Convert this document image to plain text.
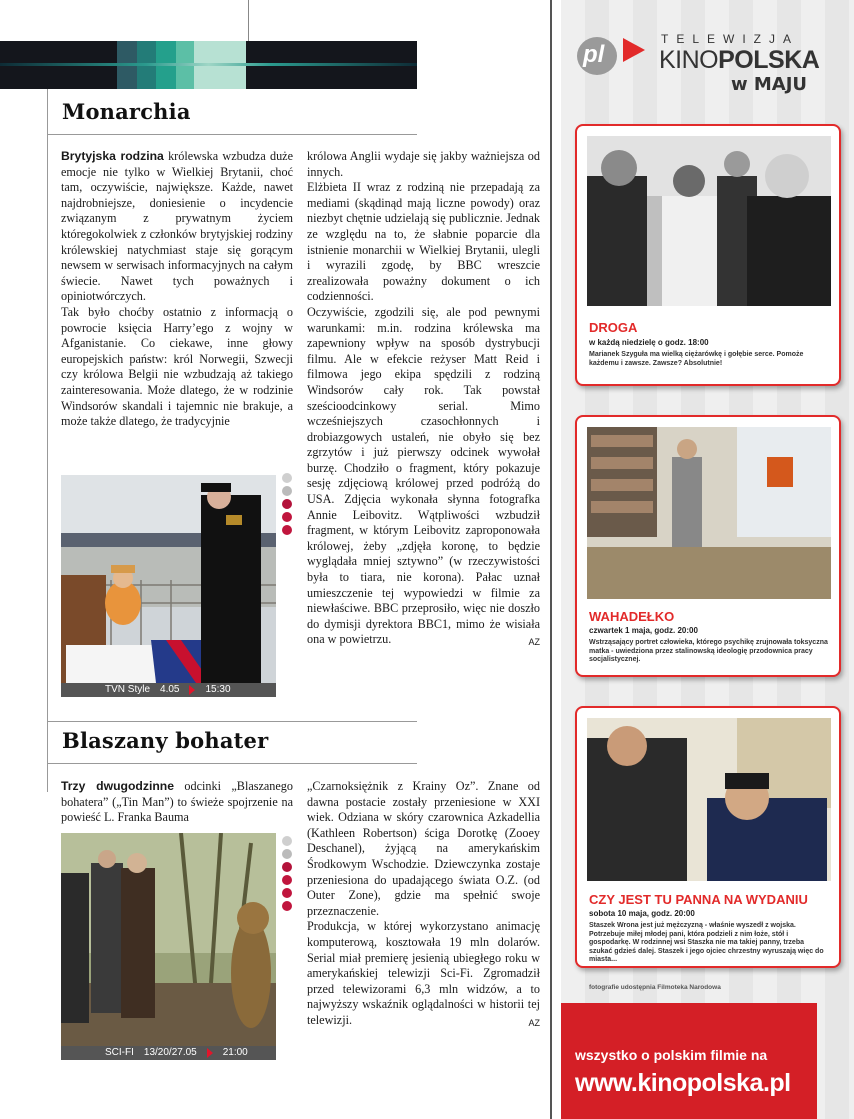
Monarchia

Brytyjska rodzina królewska wzbudza duże emocje nie tylko w Wielkiej Brytanii, choć tam, oczywiście, największe. Każde, nawet najdrobniejsze, doniesienie o incydencie związanym z prywatnym życiem któregokolwiek z członków brytyjskiej rodziny królewskiej natychmiast staje się gorącym newsem w serwisach informacyjnych na całym świecie. Nawet tych poważnych i opiniotwórczych.

Tak było choćby ostatnio z informacją o powrocie księcia Harry’ego z wojny w Afganistanie. Co ciekawe, inne głowy europejskich państw: król Norwegii, Szwecji czy królowa Belgii nie wzbudzają aż takiego zainteresowania. Może dlatego, że w rodzinie Windsorów skandali i tajemnic nie brakuje, a może także dlatego, że tradycyjnie

TVN Style 4.05	15:30

królowa Anglii wydaje się jakby ważniejsza od innych.

Elżbieta II wraz z rodziną nie przepadają za mediami (skądinąd mają liczne powody) oraz niezbyt chętnie udzielają się publicznie. Jednak ze względu na to, że słabnie poparcie dla istnienie monarchii w Wielkiej Brytanii, ulegli i wyrazili zgodę, by BBC wreszcie zrealizowała poważny dokument o ich codzienności.

Oczywiście, zgodzili się, ale pod pewnymi warunkami: m.in. rodzina królewska ma zapewniony wpływ na sposób dystrybucji filmu. Ale w efekcie reżyser Matt Reid i filmowa jego ekipa spędzili z rodziną Windsorów cały rok. Tak powstał sześcioodcinkowy serial. Mimo wcześniejszych czasochłonnych i drobiazgowych ustaleń, nie obyło się bez zgrzytów i już pierwszy odcinek wywołał burzę. Chodziło o fragment, który pokazuje sesję zdjęciową królowej przed podróżą do USA. Zdjęcia wykonała słynna fotografka Annie Leibovitz. Wątpliwości wzbudził fragment, w którym Leibovitz zaproponowała królowej, żeby „zdjęła koronę, to będzie wyglądała mniej sztywno” (w rzeczywistości była to tiara, nie korona). Pałac uznał umieszczenie tej wypowiedzi w filmie za niewłaściwe. BBC przeprosiło, więc nie doszło do dymisji dyrektora BBC1, mimo że wisiała ona w powietrzu.	AZ
Blaszany bohater

Trzy dwugodzinne odcinki „Blaszanego bohatera” („Tin Man”) to świeże spojrzenie na powieść L. Franka Bauma

SCI-FI 13/20/27.05	21:00

„Czarnoksiężnik z Krainy Oz”. Znane od dawna postacie zostały przeniesione w XXI wiek. Odziana w skóry czarownica Azkadellia (Kathleen Robertson) ściga Dorotkę (Zooey Deschanel), żyjącą na amerykańskim Środkowym Wschodzie. Dziewczynka zostaje przeniesiona do upadającego świata O.Z. (od Outer Zone), gdzie ma spełnić swoje przeznaczenie.

Produkcja, w której wykorzystano animację komputerową, kosztowała 19 mln dolarów. Serial miał premierę jesienią ubiegłego roku w amerykańskiej telewizji Sci-Fi. Zgromadził przed telewizorami 6,3 mln widzów, a to najwyższy wskaźnik oglądalności w historii tej telewizji.	AZ
pl
TELEWIZJA
KINOPOLSKA
w MAJU
DROGA
w każdą niedzielę o godz. 18:00
Marianek Szyguła ma wielką ciężarówkę i gołębie serce. Pomoże każdemu i zawsze. Zawsze? Absolutnie!
WAHADEŁKO
czwartek 1 maja, godz. 20:00
Wstrząsający portret człowieka, którego psychikę zrujnowała toksyczna matka - uwiedziona przez stalinowską ideologię przodownica pracy socjalistycznej.
CZY JEST TU PANNA NA WYDANIU
sobota 10 maja, godz. 20:00
Staszek Wrona jest już mężczyzną - właśnie wyszedł z wojska. Potrzebuje miłej młodej pani, która podzieli z nim łoże, stół i gospodarkę. W rodzinnej wsi Staszka nie ma takiej panny, trzeba szukać gdzieś dalej. Staszek i jego ojciec chrzestny wyruszają więc do miasta...
fotografie udostępnia Filmoteka Narodowa
wszystko o polskim filmie na
www.kinopolska.pl
